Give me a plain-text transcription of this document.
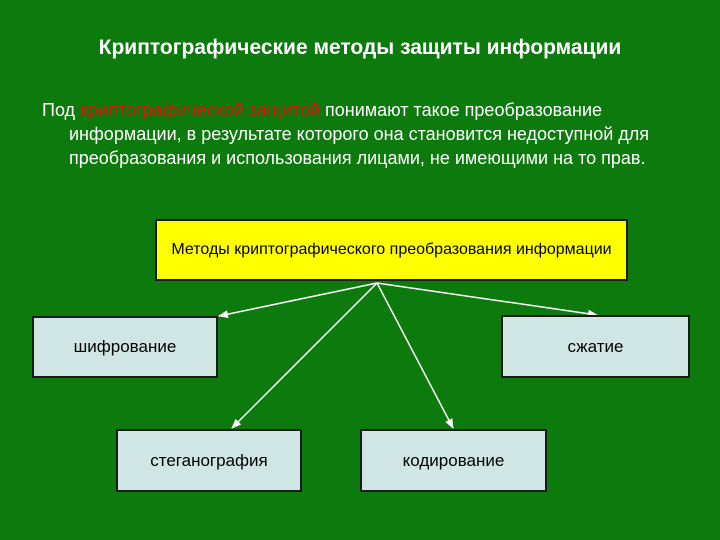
Криптографические методы защиты информации
Под криптографической защитой понимают такое преобразование информации, в результате которого она становится недоступной для преобразования и использования лицами, не имеющими на то прав.
Методы криптографического преобразования информации
шифрование	сжатие
стеганография	кодирование
